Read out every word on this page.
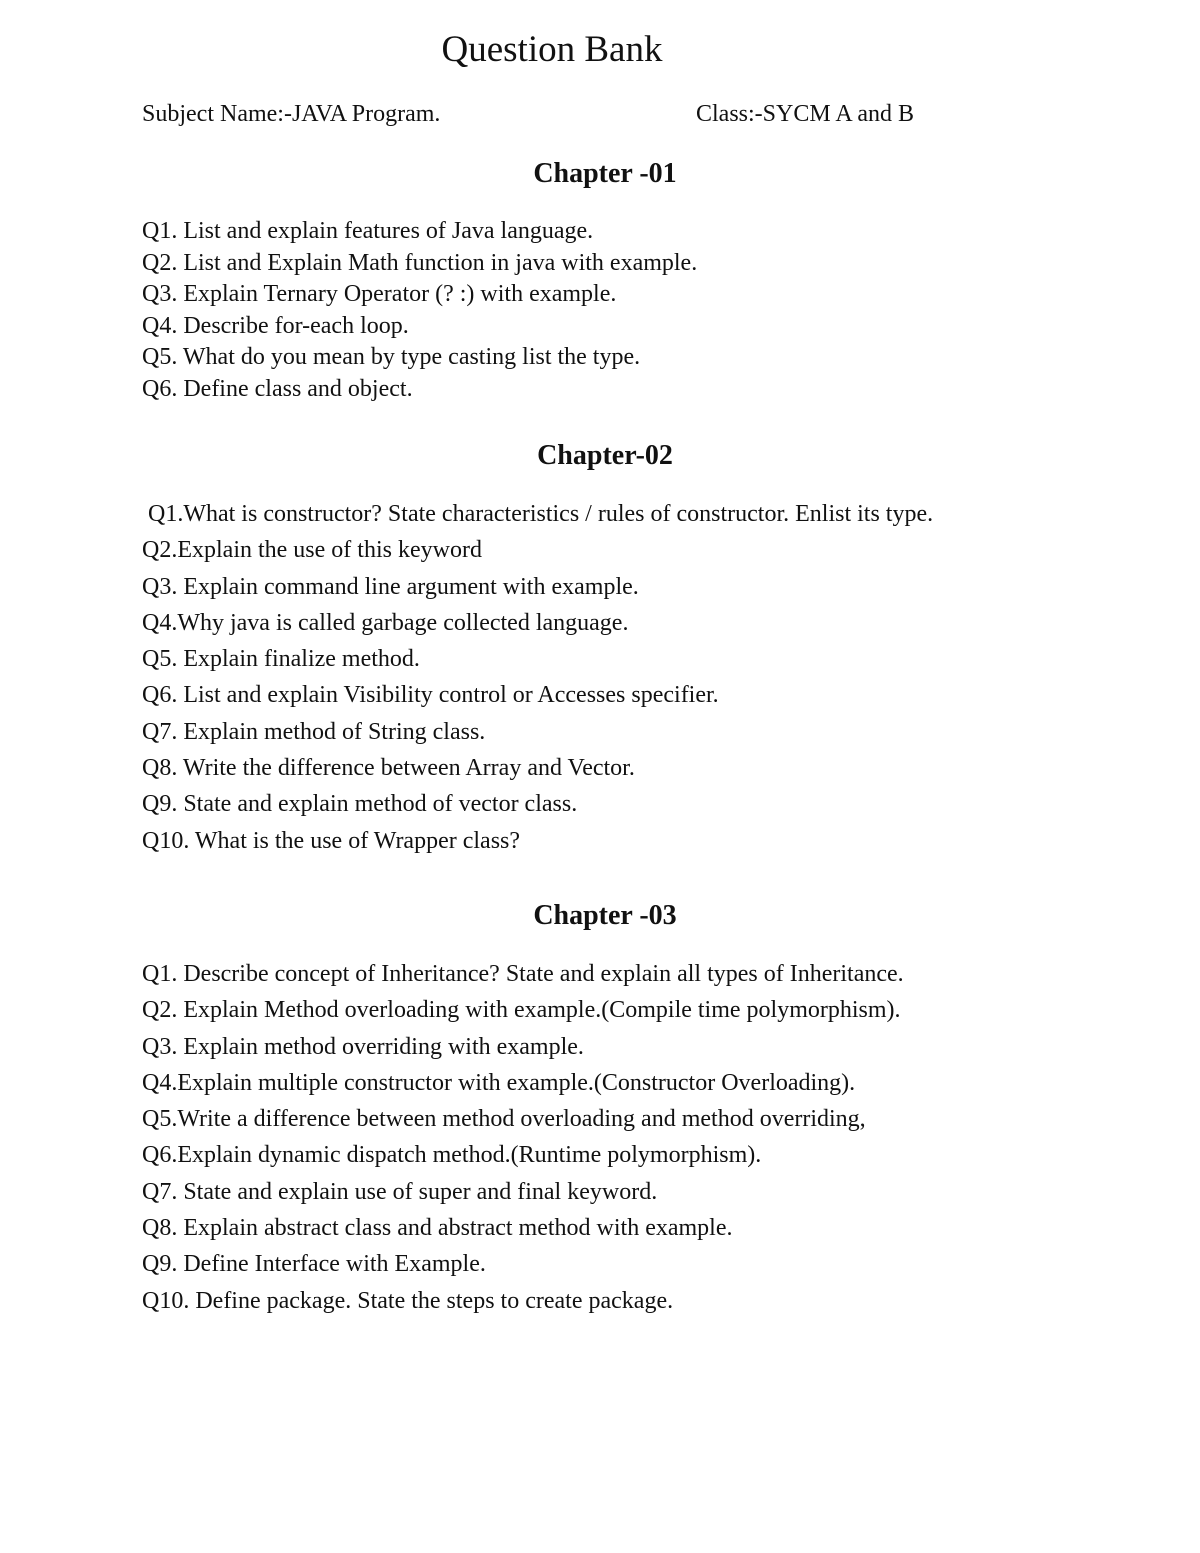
Question Bank
Subject Name:-JAVA Program.	Class:-SYCM A and B
Chapter -01
Q1. List and explain features of Java language.
Q2. List and Explain Math function in java with example.
Q3. Explain Ternary Operator (? :) with example.
Q4. Describe for-each loop.
Q5. What do you mean by type casting list the type.
Q6. Define class and object.
Chapter-02
Q1.What is constructor? State characteristics / rules of constructor. Enlist its type.
Q2.Explain the use of this keyword
Q3. Explain command line argument with example.
Q4.Why java is called garbage collected language.
Q5. Explain finalize method.
Q6. List and explain Visibility control or Accesses specifier.
Q7. Explain method of String class.
Q8. Write the difference between Array and Vector.
Q9. State and explain method of vector class.
Q10. What is the use of Wrapper class?
Chapter -03
Q1. Describe concept of Inheritance? State and explain all types of Inheritance.
Q2. Explain Method overloading with example.(Compile time polymorphism).
Q3. Explain method overriding with example.
Q4.Explain multiple constructor with example.(Constructor Overloading).
Q5.Write a difference between method overloading and method overriding,
Q6.Explain dynamic dispatch method.(Runtime polymorphism).
Q7. State and explain use of super and final keyword.
Q8. Explain abstract class and abstract method with example.
Q9. Define Interface with Example.
Q10. Define package. State the steps to create package.
